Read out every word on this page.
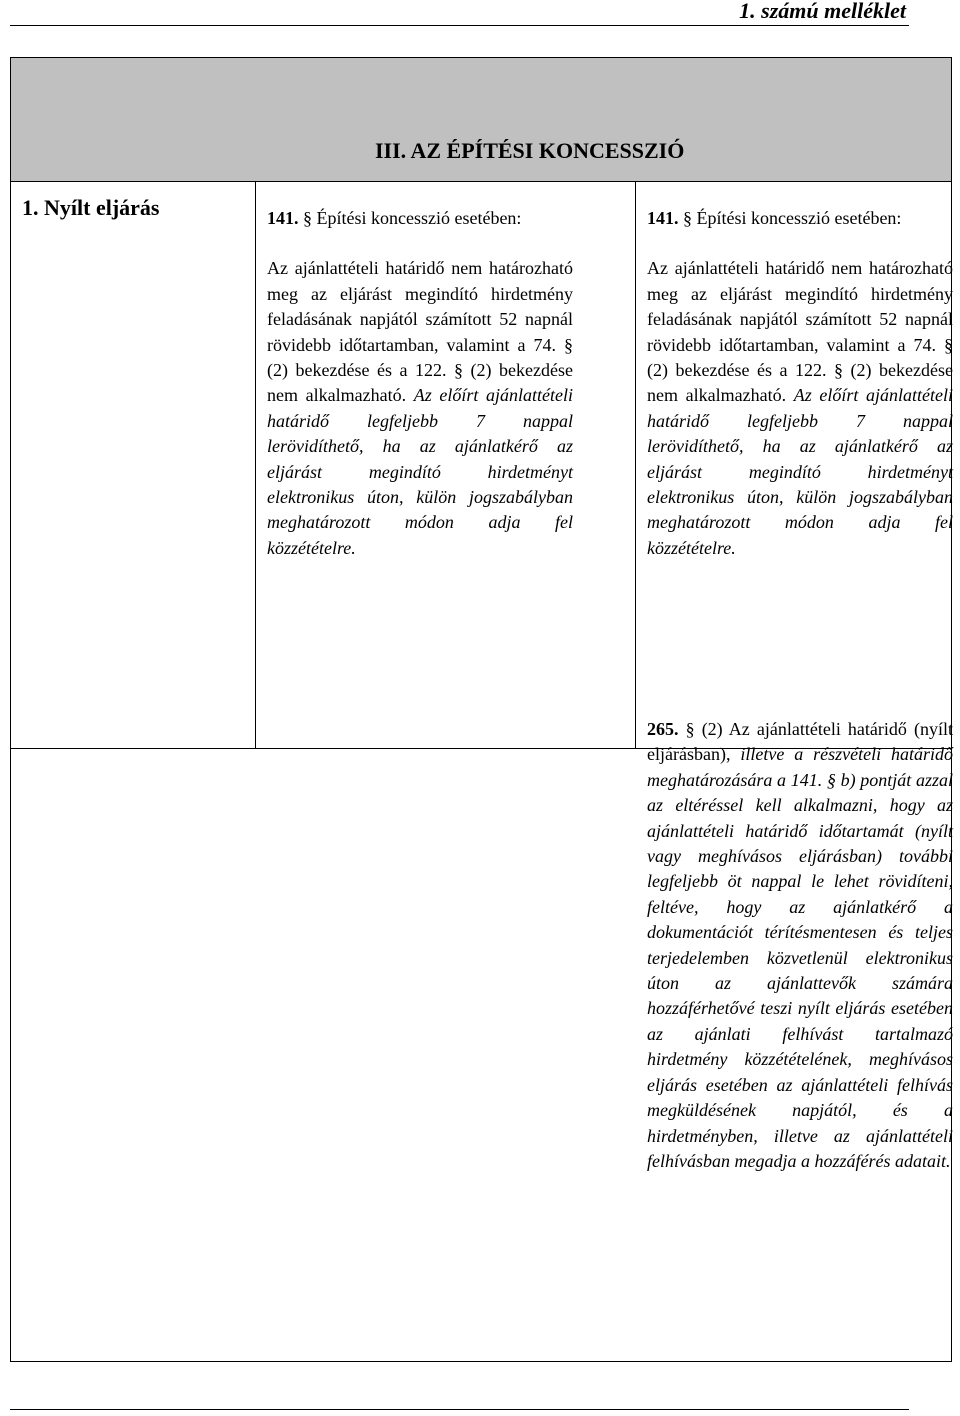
1. számú melléklet
III. AZ ÉPÍTÉSI KONCESSZIÓ
1. Nyílt eljárás	141. § Építési koncesszió esetében:

Az ajánlattételi határidő nem határozható meg az eljárást megindító hirdetmény feladásának napjától számított 52 napnál rövidebb időtartamban, valamint a 74. § (2) bekezdése és a 122. § (2) bekezdése nem alkalmazható. Az előírt ajánlattételi határidő legfeljebb 7 nappal lerövidíthető, ha az ajánlatkérő az eljárást megindító hirdetményt elektronikus úton, külön jogszabályban meghatározott módon adja fel közzétételre.

141. § Építési koncesszió esetében:

Az ajánlattételi határidő nem határozható meg az eljárást megindító hirdetmény feladásának napjától számított 52 napnál rövidebb időtartamban, valamint a 74. § (2) bekezdése és a 122. § (2) bekezdése nem alkalmazható. Az előírt ajánlattételi határidő legfeljebb 7 nappal lerövidíthető, ha az ajánlatkérő az eljárást megindító hirdetményt elektronikus úton, külön jogszabályban meghatározott módon adja fel közzétételre.

265. § (2) Az ajánlattételi határidő (nyílt eljárásban), illetve a részvételi határidő meghatározására a 141. § b) pontját azzal az eltéréssel kell alkalmazni, hogy az ajánlattételi határidő időtartamát (nyílt vagy meghívásos eljárásban) további legfeljebb öt nappal le lehet rövidíteni, feltéve, hogy az ajánlatkérő a dokumentációt térítésmentesen és teljes terjedelemben közvetlenül elektronikus úton az ajánlattevők számára hozzáférhetővé teszi nyílt eljárás esetében az ajánlati felhívást tartalmazó hirdetmény közzétételének, meghívásos eljárás esetében az ajánlattételi felhívás megküldésének napjától, és a hirdetményben, illetve az ajánlattételi felhívásban megadja a hozzáférés adatait.
